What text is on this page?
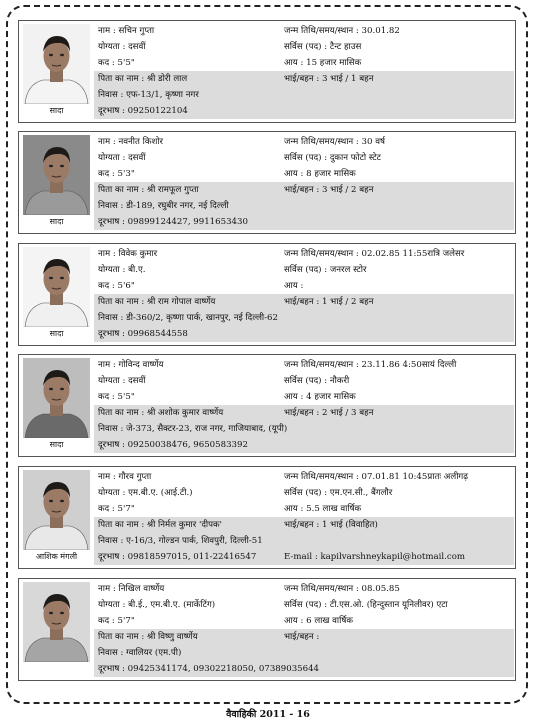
सादा
नाम : सचिन गुप्ता	जन्म तिथि/समय/स्थान : 30.01.82
योग्यता : दसवीं	सर्विस (पद) : टैन्ट हाउस
कद : 5'5"	आय : 15 हजार मासिक
पिता का नाम : श्री डोरी लाल	भाई/बहन : 3 भाई / 1 बहन
निवास : एफ-13/1, कृष्णा नगर
दूरभाष : 09250122104
सादा
नाम : नवनीत किशोर	जन्म तिथि/समय/स्थान : 30 वर्ष
योग्यता : दसवीं	सर्विस (पद) : दुकान फोटो स्टेट
कद : 5'3"	आय : 8 हजार मासिक
पिता का नाम : श्री रामफूल गुप्ता	भाई/बहन : 3 भाई / 2 बहन
निवास : डी-189, रघुबीर नगर, नई दिल्ली
दूरभाष : 09899124427, 9911653430
सादा
नाम : विवेक कुमार	जन्म तिथि/समय/स्थान : 02.02.85 11:55रात्रि जलेसर
योग्यता : बी.ए.	सर्विस (पद) : जनरल स्टोर
कद : 5'6"	आय :
पिता का नाम : श्री राम गोपाल वार्ष्णेय	भाई/बहन : 1 भाई / 2 बहन
निवास : डी-360/2, कृष्णा पार्क, खानपुर, नई दिल्ली-62
दूरभाष : 09968544558
सादा
नाम : गोविन्द वार्ष्णेय	जन्म तिथि/समय/स्थान : 23.11.86 4:50सायं दिल्ली
योग्यता : दसवीं	सर्विस (पद) : नौकरी
कद : 5'5"	आय : 4 हजार मासिक
पिता का नाम : श्री अशोक कुमार वार्ष्णेय	भाई/बहन : 2 भाई / 3 बहन
निवास : जे-373, सैक्टर-23, राज नगर, गाजियाबाद, (यूपी)
दूरभाष : 09250038476, 9650583392
आशिक मंगली
नाम : गौरव गुप्ता	जन्म तिथि/समय/स्थान : 07.01.81 10:45प्रातः अलीगढ़
योग्यता : एम.बी.ए. (आई.टी.)	सर्विस (पद) : एम.एन.सी., बैंगलौर
कद : 5'7"	आय : 5.5 लाख वार्षिक
पिता का नाम : श्री निर्मल कुमार 'दीपक'	भाई/बहन : 1 भाई (विवाहित)
निवास : ए-16/3, गोल्डन पार्क, शिवपुरी, दिल्ली-51
दूरभाष : 09818597015, 011-22416547	E-mail : kapilvarshneykapil@hotmail.com
नाम : निखिल वार्ष्णेय	जन्म तिथि/समय/स्थान : 08.05.85
योग्यता : बी.ई., एम.बी.ए. (मार्केटिंग)	सर्विस (पद) : टी.एस.ओ. (हिन्दुस्तान यूनिलीवर) एटा
कद : 5'7"	आय : 6 लाख वार्षिक
पिता का नाम : श्री विष्णु वार्ष्णेय	भाई/बहन :
निवास : ग्वालियर (एम.पी)
दूरभाष : 09425341174, 09302218050, 07389035644
वैवाहिकी 2011 - 16
